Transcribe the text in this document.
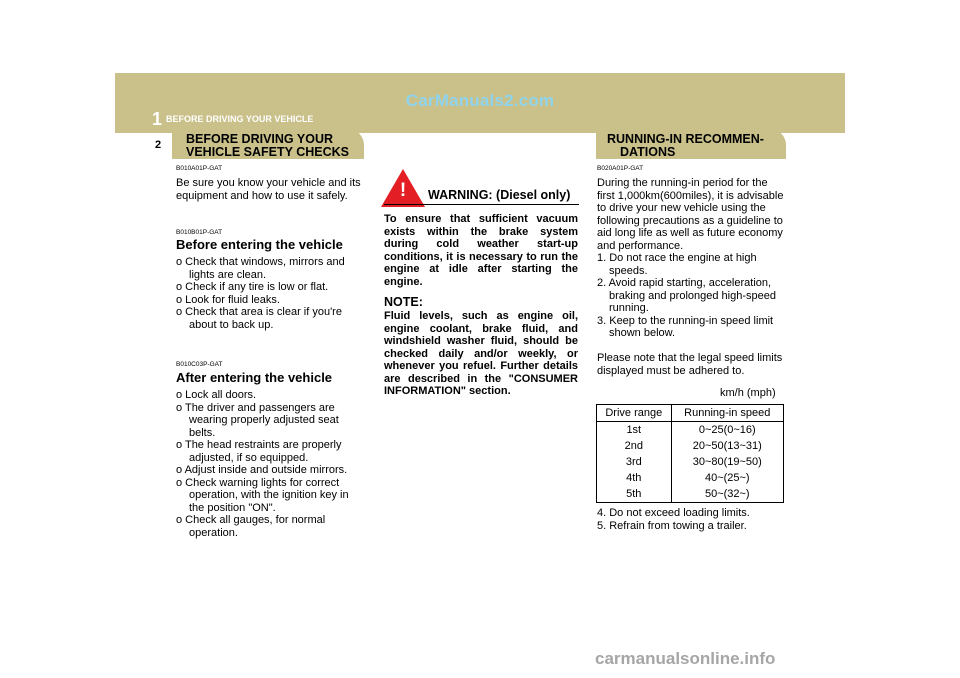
CarManuals2.com
1 BEFORE DRIVING YOUR VEHICLE
2 BEFORE DRIVING YOUR
VEHICLE SAFETY CHECKS
B010A01P-GAT
Be sure you know your vehicle and its equipment and how to use it safely.
B010B01P-GAT
Before entering the vehicle
o Check that windows, mirrors and lights are clean.
o Check if any tire is low or flat.
o Look for fluid leaks.
o Check that area is clear if you're about to back up.
B010C03P-GAT
After entering the vehicle
o Lock all doors.
o The driver and passengers are wearing properly adjusted seat belts.
o The head restraints are properly adjusted, if so equipped.
o Adjust inside and outside mirrors.
o Check warning lights for correct operation, with the ignition key in the position "ON".
o Check all gauges, for normal operation.
!	WARNING: (Diesel only)
To ensure that sufficient vacuum exists within the brake system during cold weather start-up conditions, it is necessary to run the engine at idle after starting the engine.
NOTE:
Fluid levels, such as engine oil, engine coolant, brake fluid, and windshield washer fluid, should be checked daily and/or weekly, or whenever you refuel. Further details are described in the "CONSUMER INFORMATION" section.
RUNNING-IN RECOMMEN-
DATIONS
B020A01P-GAT
During the running-in period for the first 1,000km(600miles), it is advisable to drive your new vehicle using the following precautions as a guideline to aid long life as well as future economy and performance.
1. Do not race the engine at high speeds.
2. Avoid rapid starting, acceleration, braking and prolonged high-speed running.
3. Keep to the running-in speed limit shown below.
Please note that the legal speed limits displayed must be adhered to.
km/h (mph)
Drive range	Running-in speed
1st	0~25(0~16)
2nd	20~50(13~31)
3rd	30~80(19~50)
4th	40~(25~)
5th	50~(32~)
4. Do not exceed loading limits.
5. Refrain from towing a trailer.
carmanualsonline.info
